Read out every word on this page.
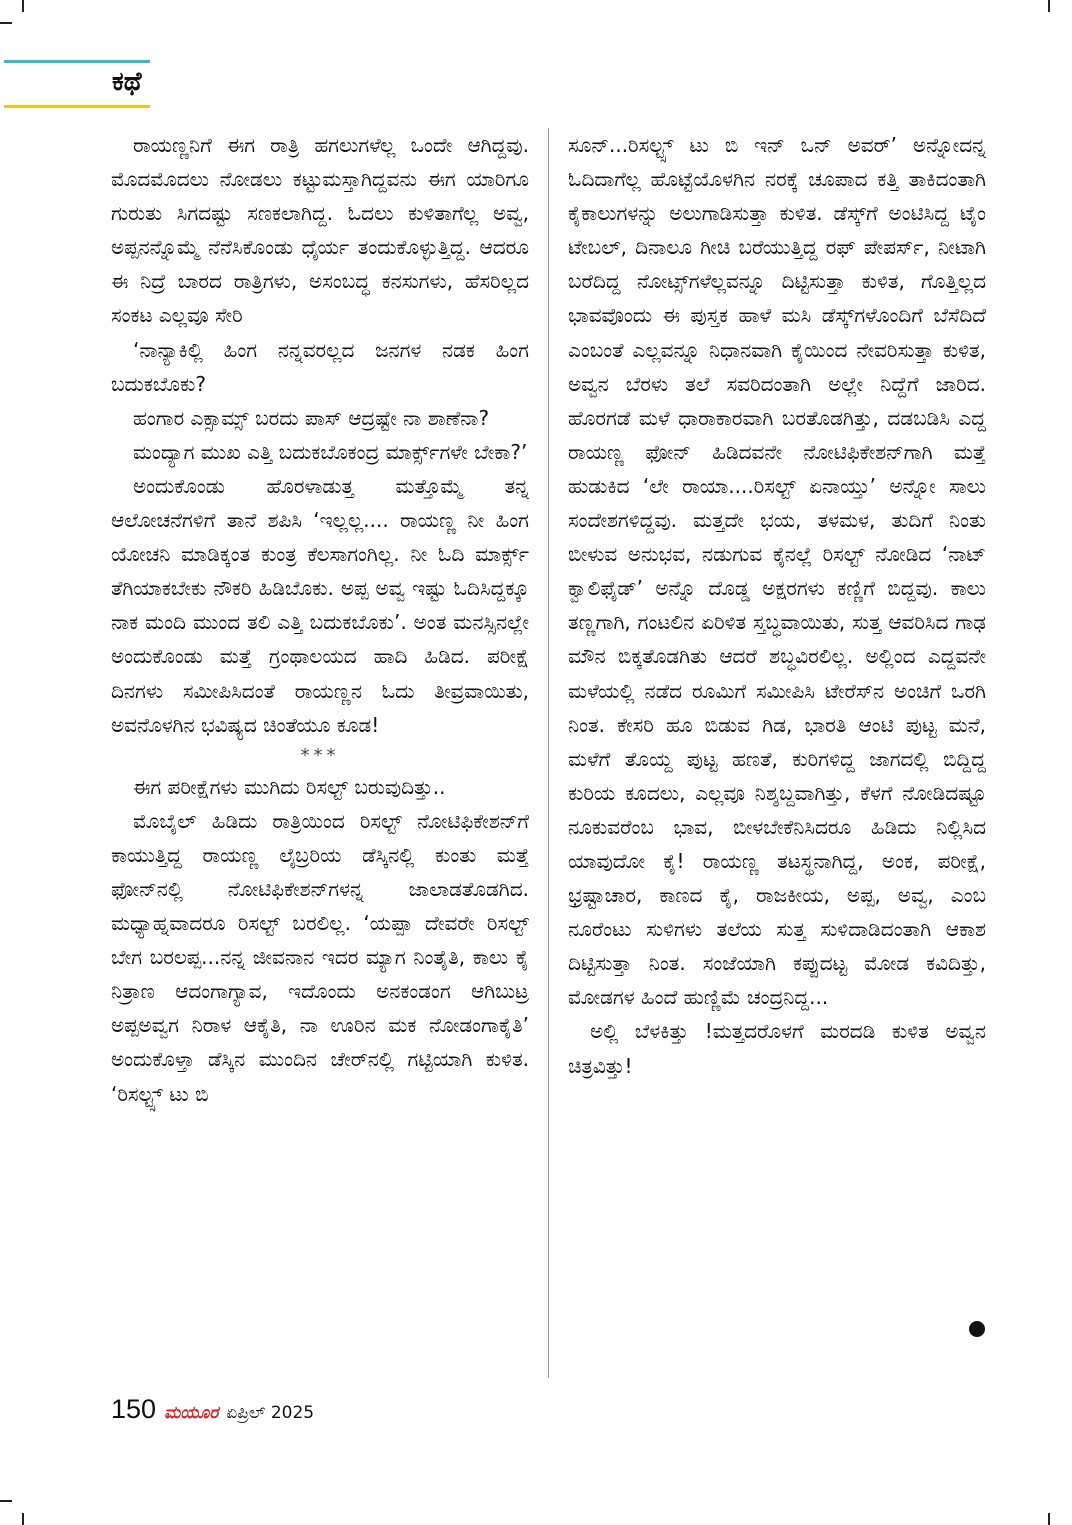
ಕಥೆ

ರಾಯಣ್ಣನಿಗೆ ಈಗ ರಾತ್ರಿ ಹಗಲುಗಳೆಲ್ಲ ಒಂದೇ ಆಗಿದ್ದವು. ಮೊದಮೊದಲು ನೋಡಲು ಕಟ್ಟುಮಸ್ತಾಗಿದ್ದವನು ಈಗ ಯಾರಿಗೂ ಗುರುತು ಸಿಗದಷ್ಟು ಸಣಕಲಾಗಿದ್ದ. ಓದಲು ಕುಳಿತಾಗೆಲ್ಲ ಅವ್ವ, ಅಪ್ಪನನ್ನೊಮ್ಮೆ ನೆನೆಸಿಕೊಂಡು ಧೈರ್ಯ ತಂದುಕೊಳ್ಳುತ್ತಿದ್ದ. ಆದರೂ ಈ ನಿದ್ರೆ ಬಾರದ ರಾತ್ರಿಗಳು, ಅಸಂಬದ್ಧ ಕನಸುಗಳು, ಹೆಸರಿಲ್ಲದ ಸಂಕಟ ಎಲ್ಲವೂ ಸೇರಿ

‘ನಾನ್ಯಾಕಿಲ್ಲಿ ಹಿಂಗ ನನ್ನವರಲ್ಲದ ಜನಗಳ ನಡಕ ಹಿಂಗ ಬದುಕಬೊಕು?

ಹಂಗಾರ ಎಕ್ಸಾಮ್ಸ್ ಬರದು ಪಾಸ್ ಆದ್ರಷ್ಟೇ ನಾ ಶಾಣೆನಾ?

ಮಂದ್ಯಾಗ ಮುಖ ಎತ್ತಿ ಬದುಕಬೊಕಂದ್ರ ಮಾರ್ಕ್ಸ್‌ಗಳೇ ಬೇಕಾ?’

ಅಂದುಕೊಂಡು ಹೊರಳಾಡುತ್ತ ಮತ್ತೊಮ್ಮೆ ತನ್ನ ಆಲೋಚನೆಗಳಿಗೆ ತಾನೆ ಶಪಿಸಿ ‘ಇಲ್ಲಲ್ಲ.... ರಾಯಣ್ಣ ನೀ ಹಿಂಗ ಯೋಚನಿ ಮಾಡಿಕ್ಕಂತ ಕುಂತ್ರ ಕೆಲಸಾಗಂಗಿಲ್ಲ. ನೀ ಓದಿ ಮಾರ್ಕ್ಸ್ ತೆಗಿಯಾಕಬೇಕು ನೌಕರಿ ಹಿಡಿಬೊಕು. ಅಪ್ಪ ಅವ್ವ ಇಷ್ಟು ಓದಿಸಿದ್ದಕ್ಕೂ ನಾಕ ಮಂದಿ ಮುಂದ ತಲಿ ಎತ್ತಿ ಬದುಕಬೊಕು’. ಅಂತ ಮನಸ್ಸಿನಲ್ಲೇ ಅಂದುಕೊಂಡು ಮತ್ತೆ ಗ್ರಂಥಾಲಯದ ಹಾದಿ ಹಿಡಿದ. ಪರೀಕ್ಷೆ ದಿನಗಳು ಸಮೀಪಿಸಿದಂತೆ ರಾಯಣ್ಣನ ಓದು ತೀವ್ರವಾಯಿತು, ಅವನೊಳಗಿನ ಭವಿಷ್ಯದ ಚಿಂತೆಯೂ ಕೂಡ!

***

ಈಗ ಪರೀಕ್ಷೆಗಳು ಮುಗಿದು ರಿಸಲ್ಟ್ ಬರುವುದಿತ್ತು..

ಮೊಬೈಲ್ ಹಿಡಿದು ರಾತ್ರಿಯಿಂದ ರಿಸಲ್ಟ್ ನೋಟಿಫಿಕೇಶನ್‌ಗೆ ಕಾಯುತ್ತಿದ್ದ ರಾಯಣ್ಣ ಲೈಬ್ರರಿಯ ಡೆಸ್ಕಿನಲ್ಲಿ ಕುಂತು ಮತ್ತೆ ಫೋನ್‌ನಲ್ಲಿ ನೋಟಿಫಿಕೇಶನ್‌ಗಳನ್ನ ಜಾಲಾಡತೊಡಗಿದ. ಮಧ್ಯಾಹ್ನವಾದರೂ ರಿಸಲ್ಟ್ ಬರಲಿಲ್ಲ. ‘ಯಪ್ಪಾ ದೇವರೇ ರಿಸಲ್ಟ್ ಬೇಗ ಬರಲಪ್ಪ...ನನ್ನ ಜೀವನಾನ ಇದರ ಮ್ಯಾಗ ನಿಂತೈತಿ, ಕಾಲು ಕೈ ನಿತ್ರಾಣ ಆದಂಗಾಗ್ಯಾವ, ಇದೊಂದು ಅನಕಂಡಂಗ ಆಗಿಬುಟ್ರ ಅಪ್ಪಅವ್ವಗ ನಿರಾಳ ಆಕೈತಿ, ನಾ ಊರಿನ ಮಕ ನೋಡಂಗಾಕೈತಿ’ ಅಂದುಕೊಳ್ತಾ ಡೆಸ್ಕಿನ ಮುಂದಿನ ಚೇರ್‌ನಲ್ಲಿ ಗಟ್ಟಿಯಾಗಿ ಕುಳಿತ. ‘ರಿಸಲ್ಟ್ಸ್ ಟು ಬಿ

ಸೂನ್...ರಿಸಲ್ಟ್ಸ್ ಟು ಬಿ ಇನ್ ಒನ್ ಅವರ್’ ಅನ್ನೋದನ್ನ ಓದಿದಾಗೆಲ್ಲ ಹೊಟ್ಟೆಯೊಳಗಿನ ನರಕ್ಕೆ ಚೂಪಾದ ಕತ್ತಿ ತಾಕಿದಂತಾಗಿ ಕೈಕಾಲುಗಳನ್ನು ಅಲುಗಾಡಿಸುತ್ತಾ ಕುಳಿತ. ಡೆಸ್ಕ್‌ಗೆ ಅಂಟಿಸಿದ್ದ ಟೈಂ ಟೇಬಲ್, ದಿನಾಲೂ ಗೀಚಿ ಬರೆಯುತ್ತಿದ್ದ ರಫ್ ಪೇಪರ್ಸ್, ನೀಟಾಗಿ ಬರೆದಿದ್ದ ನೋಟ್ಸ್‌ಗಳೆಲ್ಲವನ್ನೂ ದಿಟ್ಟಿಸುತ್ತಾ ಕುಳಿತ, ಗೊತ್ತಿಲ್ಲದ ಭಾವವೊಂದು ಈ ಪುಸ್ತಕ ಹಾಳೆ ಮಸಿ ಡೆಸ್ಕ್‌ಗಳೊಂದಿಗೆ ಬೆಸೆದಿದೆ ಎಂಬಂತೆ ಎಲ್ಲವನ್ನೂ ನಿಧಾನವಾಗಿ ಕೈಯಿಂದ ನೇವರಿಸುತ್ತಾ ಕುಳಿತ, ಅವ್ವನ ಬೆರಳು ತಲೆ ಸವರಿದಂತಾಗಿ ಅಲ್ಲೇ ನಿದ್ದೆಗೆ ಜಾರಿದ. ಹೊರಗಡೆ ಮಳೆ ಧಾರಾಕಾರವಾಗಿ ಬರತೊಡಗಿತ್ತು, ದಡಬಡಿಸಿ ಎದ್ದ ರಾಯಣ್ಣ ಫೋನ್ ಹಿಡಿದವನೇ ನೋಟಿಫಿಕೇಶನ್‌ಗಾಗಿ ಮತ್ತೆ ಹುಡುಕಿದ ‘ಲೇ ರಾಯಾ....ರಿಸಲ್ಟ್ ಏನಾಯ್ತು’ ಅನ್ನೋ ಸಾಲು ಸಂದೇಶಗಳಿದ್ದವು. ಮತ್ತದೇ ಭಯ, ತಳಮಳ, ತುದಿಗೆ ನಿಂತು ಬೀಳುವ ಅನುಭವ, ನಡುಗುವ ಕೈನಲ್ಲೆ ರಿಸಲ್ಟ್ ನೋಡಿದ ‘ನಾಟ್ ಕ್ವಾಲಿಫೈಡ್’ ಅನ್ನೊ ದೊಡ್ಡ ಅಕ್ಷರಗಳು ಕಣ್ಣಿಗೆ ಬಿದ್ದವು. ಕಾಲು ತಣ್ಣಗಾಗಿ, ಗಂಟಲಿನ ಏರಿಳಿತ ಸ್ತಬ್ಧವಾಯಿತು, ಸುತ್ತ ಆವರಿಸಿದ ಗಾಢ ಮೌನ ಬಿಕ್ಕತೊಡಗಿತು ಆದರೆ ಶಬ್ಧವಿರಲಿಲ್ಲ. ಅಲ್ಲಿಂದ ಎದ್ದವನೇ ಮಳೆಯಲ್ಲಿ ನಡೆದ ರೂಮಿಗೆ ಸಮೀಪಿಸಿ ಟೇರೆಸ್‌ನ ಅಂಚಿಗೆ ಒರಗಿ ನಿಂತ. ಕೇಸರಿ ಹೂ ಬಿಡುವ ಗಿಡ, ಭಾರತಿ ಆಂಟಿ ಪುಟ್ಟ ಮನೆ, ಮಳೆಗೆ ತೊಯ್ದ ಪುಟ್ಟ ಹಣತೆ, ಕುರಿಗಳಿದ್ದ ಜಾಗದಲ್ಲಿ ಬಿದ್ದಿದ್ದ ಕುರಿಯ ಕೂದಲು, ಎಲ್ಲವೂ ನಿಶ್ಶಬ್ದವಾಗಿತ್ತು, ಕೆಳಗೆ ನೋಡಿದಷ್ಟೂ ನೂಕುವರೆಂಬ ಭಾವ, ಬೀಳಬೇಕೆನಿಸಿದರೂ ಹಿಡಿದು ನಿಲ್ಲಿಸಿದ ಯಾವುದೋ ಕೈ! ರಾಯಣ್ಣ ತಟಸ್ಥನಾಗಿದ್ದ, ಅಂಕ, ಪರೀಕ್ಷೆ, ಭ್ರಷ್ಟಾಚಾರ, ಕಾಣದ ಕೈ, ರಾಜಕೀಯ, ಅಪ್ಪ, ಅವ್ವ, ಎಂಬ ನೂರೆಂಟು ಸುಳಿಗಳು ತಲೆಯ ಸುತ್ತ ಸುಳಿದಾಡಿದಂತಾಗಿ ಆಕಾಶ ದಿಟ್ಟಿಸುತ್ತಾ ನಿಂತ. ಸಂಜೆಯಾಗಿ ಕಪ್ಪುದಟ್ಟ ಮೋಡ ಕವಿದಿತ್ತು, ಮೋಡಗಳ ಹಿಂದೆ ಹುಣ್ಣಿಮೆ ಚಂದ್ರನಿದ್ದ...

ಅಲ್ಲಿ ಬೆಳಕಿತ್ತು !ಮತ್ತದರೊಳಗೆ ಮರದಡಿ ಕುಳಿತ ಅವ್ವನ ಚಿತ್ರವಿತ್ತು!

150 ಮಯೂರ ಏಪ್ರಿಲ್ 2025
